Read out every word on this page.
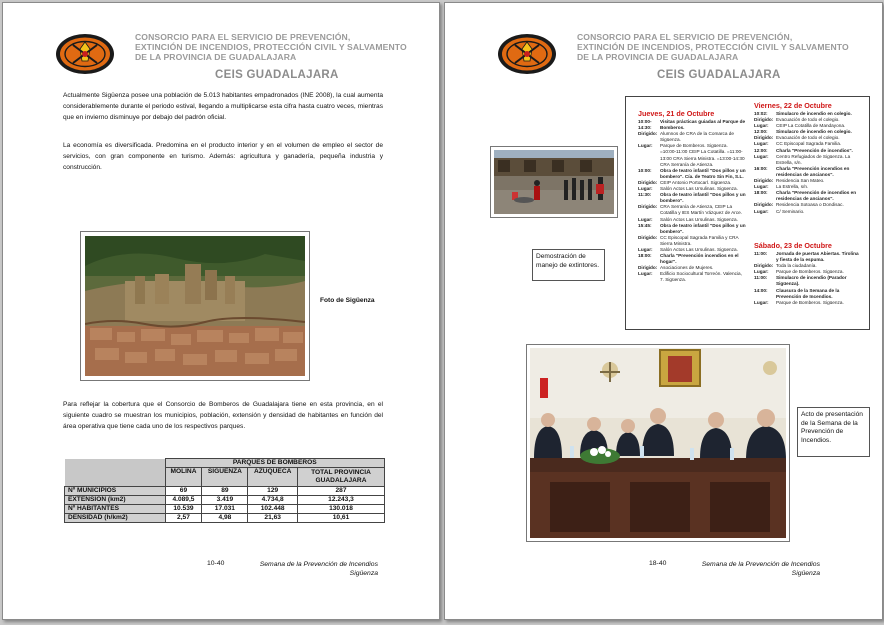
CONSORCIO PARA EL SERVICIO DE PREVENCIÓN,
EXTINCIÓN DE INCENDIOS, PROTECCIÓN CIVIL Y SALVAMENTO
DE LA PROVINCIA DE GUADALAJARA
CEIS GUADALAJARA
Actualmente Sigüenza posee una población de 5.013 habitantes empadronados (INE 2008), la cual aumenta considerablemente durante el periodo estival, llegando a multiplicarse esta cifra hasta cuatro veces, mientras que en invierno disminuye por debajo del padrón oficial.
La economía es diversificada. Predomina en el producto interior y en el volumen de empleo el sector de servicios, con gran componente en turismo. Además: agricultura y ganadería, pequeña industria y construcción.
Foto de Sigüenza
Para reflejar la cobertura que el Consorcio de Bomberos de Guadalajara tiene en esta provincia, en el siguiente cuadro se muestran los municipios, población, extensión y densidad de habitantes en función del área operativa que tiene cada uno de los respectivos parques.
	PARQUES DE BOMBEROS			
	MOLINA	SIGUENZA	AZUQUECA	TOTAL PROVINCIA GUADALAJARA
Nº MUNICIPIOS	69	89	129	287
EXTENSION (km2)	4.089,5	3.419	4.734,8	12.243,3
Nº HABITANTES	10.539	17.031	102.448	130.018
DENSIDAD (h/km2)	2,57	4,98	21,63	10,61
10-40	Semana de la Prevención de Incendios
Sigüenza
CONSORCIO PARA EL SERVICIO DE PREVENCIÓN,
EXTINCIÓN DE INCENDIOS, PROTECCIÓN CIVIL Y SALVAMENTO
DE LA PROVINCIA DE GUADALAJARA
CEIS GUADALAJARA
Demostración de manejo de extintores.
Jueves, 21 de Octubre
10:00-14:30:
Visitas prácticas guiadas al Parque de Bomberos.
Dirigido: Alumnos de CRA de la Comarca de Sigüenza.
Lugar:	Parque de Bomberos. Sigüenza.
=10:00-11:00 CEIP La Cotatilla. =11:00-13:00 CRA Sierra Ministra. =13:00-14:30 CRA Serranía de Atienza.
10:00:	Obra de teatro infantil "Dos pillos y un bombero". Cía. de Teatro Sin Fin, S.L.
Dirigido: CEIP Antonio Portocarl. Sigüenza.
Lugar:	Salón Actos Las Ursulinas. Sigüenza.
11:30:	Obra de teatro infantil "Dos pillos y un bombero".
Dirigido: CRA Serranía de Atienza, CEIP La Cotatilla y IES Martín Vázquez de Arce.
Lugar:	Salón Actos Las Ursulinas. Sigüenza.
15:45:	Obra de teatro infantil "Dos pillos y un bombero".
Dirigido: CC Episcopal Sagrada Familia y CRA Sierra Ministra.
Lugar:	Salón Actos Las Ursulinas. Sigüenza.
18:00:	Charla "Prevención incendios en el hogar".
Dirigido: Asociaciones de Mujeres.
Lugar:	Edificio Sociocultural Torreón. Valencia, 7. Sigüenza.
Viernes, 22 de Octubre
10:02:	Simulacro de incendio en colegio.
Dirigido: Evacuación de todo el colegio.
Lugar:	CEIP La Cotatilla de Mandayona.
12:00:	Simulacro de incendio en colegio.
Dirigido: Evacuación de todo el colegio.
Lugar:	CC Episcopal Sagrada Familia.
12:00:	Charla "Prevención de incendios".
Lugar:	Centro Refugiados de Sigüenza. La Estrella, s/n.
16:00:	Charla "Prevención incendios en residencias de ancianos".
Dirigido: Residencia San Mateo.
Lugar:	La Estrella, s/n.
18:00:	Charla "Prevención de incendios en residencias de ancianos".
Dirigido: Residencia Sotoasa o Dondisac.
Lugar:	C/ Seminario.
Sábado, 23 de Octubre
11:00:	Jornada de puertas Abiertas. Tirolina y fiesta de la espuma.
Dirigido: Toda la ciudadanía.
Lugar:	Parque de Bomberos. Sigüenza.
11:00:	Simulacro de incendio (Parador Sigüenza).
14:00:	Clausura de la Semana de la Prevención de Incendios.
Lugar:	Parque de Bomberos. Sigüenza.
Acto de presentación de la Semana de la Prevención de Incendios.
18-40	Semana de la Prevención de Incendios
Sigüenza
